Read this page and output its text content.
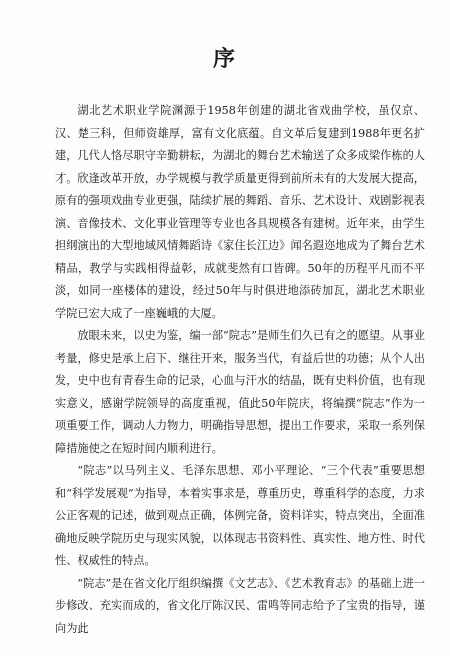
序

湖北艺术职业学院渊源于1958年创建的湖北省戏曲学校，虽仅京、汉、楚三科，但师资雄厚，富有文化底蕴。自文革后复建到1988年更名扩建，几代人恪尽职守辛勤耕耘，为湖北的舞台艺术输送了众多成梁作栋的人才。欣逢改革开放，办学规模与教学质量更得到前所未有的大发展大提高，原有的强项戏曲专业更强，陆续扩展的舞蹈、音乐、艺术设计、戏剧影视表演、音像技术、文化事业管理等专业也各具规模各有建树。近年来，由学生担纲演出的大型地域风情舞蹈诗《家住长江边》闻名遐迩地成为了舞台艺术精品，教学与实践相得益彰，成就斐然有口皆碑。50年的历程平凡而不平淡，如同一座楼体的建设，经过50年与时俱进地添砖加瓦，湖北艺术职业学院已宏大成了一座巍峨的大厦。

放眼未来，以史为鉴，编一部“院志”是师生们久已有之的愿望。从事业考量，修史是承上启下、继往开来，服务当代，有益后世的功德；从个人出发，史中也有青春生命的记录，心血与汗水的结晶，既有史料价值，也有现实意义，感谢学院领导的高度重视，值此50年院庆，将编撰“院志”作为一项重要工作，调动人力物力，明确指导思想，提出工作要求，采取一系列保障措施使之在短时间内顺利进行。

“院志”以马列主义、毛泽东思想、邓小平理论、“三个代表”重要思想和“科学发展观”为指导，本着实事求是，尊重历史，尊重科学的态度，力求公正客观的记述，做到观点正确，体例完备，资料详实，特点突出，全面准确地反映学院历史与现实风貌，以体现志书资料性、真实性、地方性、时代性、权威性的特点。

“院志”是在省文化厅组织编撰《文艺志》、《艺术教育志》的基础上进一步修改、充实而成的，省文化厅陈汉民、雷鸣等同志给予了宝贵的指导，谨向为此
